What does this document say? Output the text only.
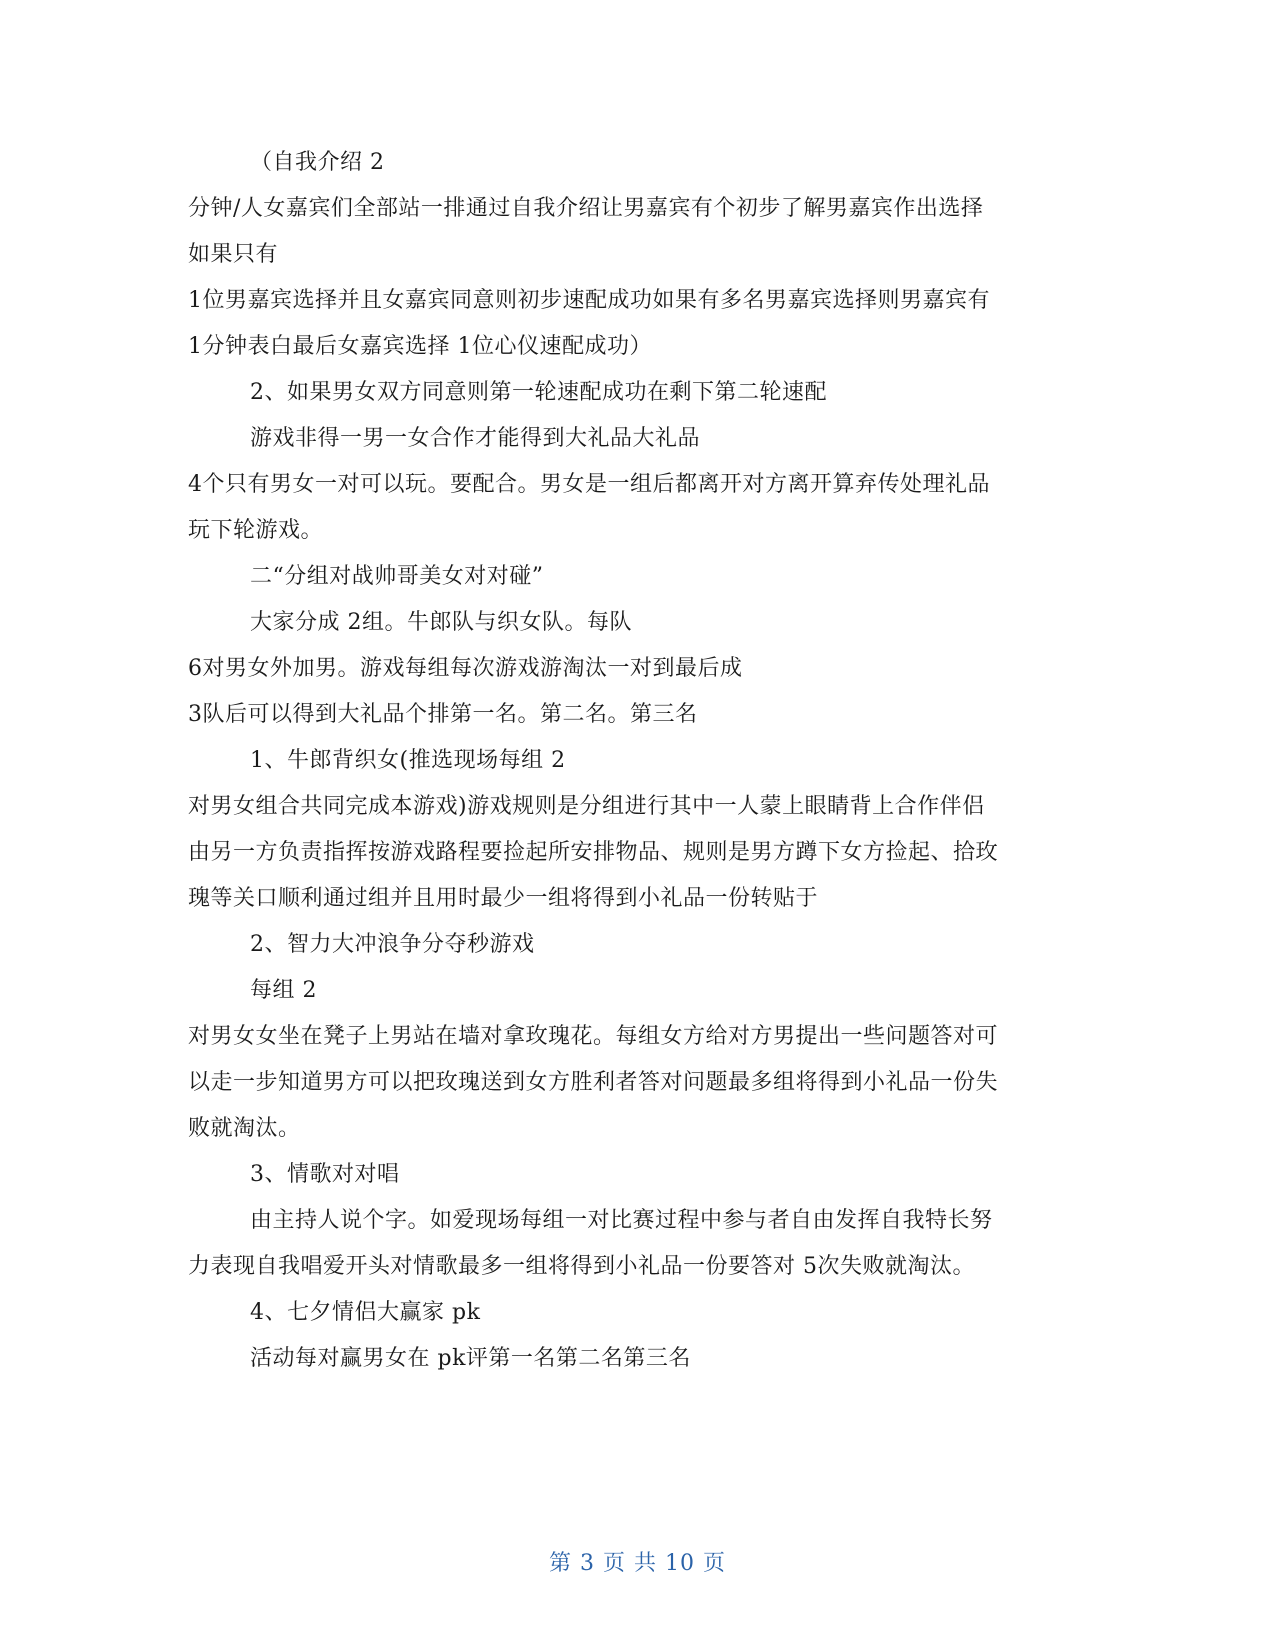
（自我介绍 2
分钟/人女嘉宾们全部站一排通过自我介绍让男嘉宾有个初步了解男嘉宾作出选择
如果只有
1位男嘉宾选择并且女嘉宾同意则初步速配成功如果有多名男嘉宾选择则男嘉宾有
1分钟表白最后女嘉宾选择 1位心仪速配成功）
2、如果男女双方同意则第一轮速配成功在剩下第二轮速配
游戏非得一男一女合作才能得到大礼品大礼品
4个只有男女一对可以玩。要配合。男女是一组后都离开对方离开算弃传处理礼品
玩下轮游戏。
二“分组对战帅哥美女对对碰”
大家分成 2组。牛郎队与织女队。每队
6对男女外加男。游戏每组每次游戏游淘汰一对到最后成
3队后可以得到大礼品个排第一名。第二名。第三名
1、牛郎背织女(推选现场每组 2
对男女组合共同完成本游戏)游戏规则是分组进行其中一人蒙上眼睛背上合作伴侣
由另一方负责指挥按游戏路程要捡起所安排物品、规则是男方蹲下女方捡起、拾玫
瑰等关口顺利通过组并且用时最少一组将得到小礼品一份转贴于
2、智力大冲浪争分夺秒游戏
每组 2
对男女女坐在凳子上男站在墙对拿玫瑰花。每组女方给对方男提出一些问题答对可
以走一步知道男方可以把玫瑰送到女方胜利者答对问题最多组将得到小礼品一份失
败就淘汰。
3、情歌对对唱
由主持人说个字。如爱现场每组一对比赛过程中参与者自由发挥自我特长努
力表现自我唱爱开头对情歌最多一组将得到小礼品一份要答对 5次失败就淘汰。
4、七夕情侣大赢家 pk
活动每对赢男女在 pk评第一名第二名第三名
第 3 页 共 10 页
